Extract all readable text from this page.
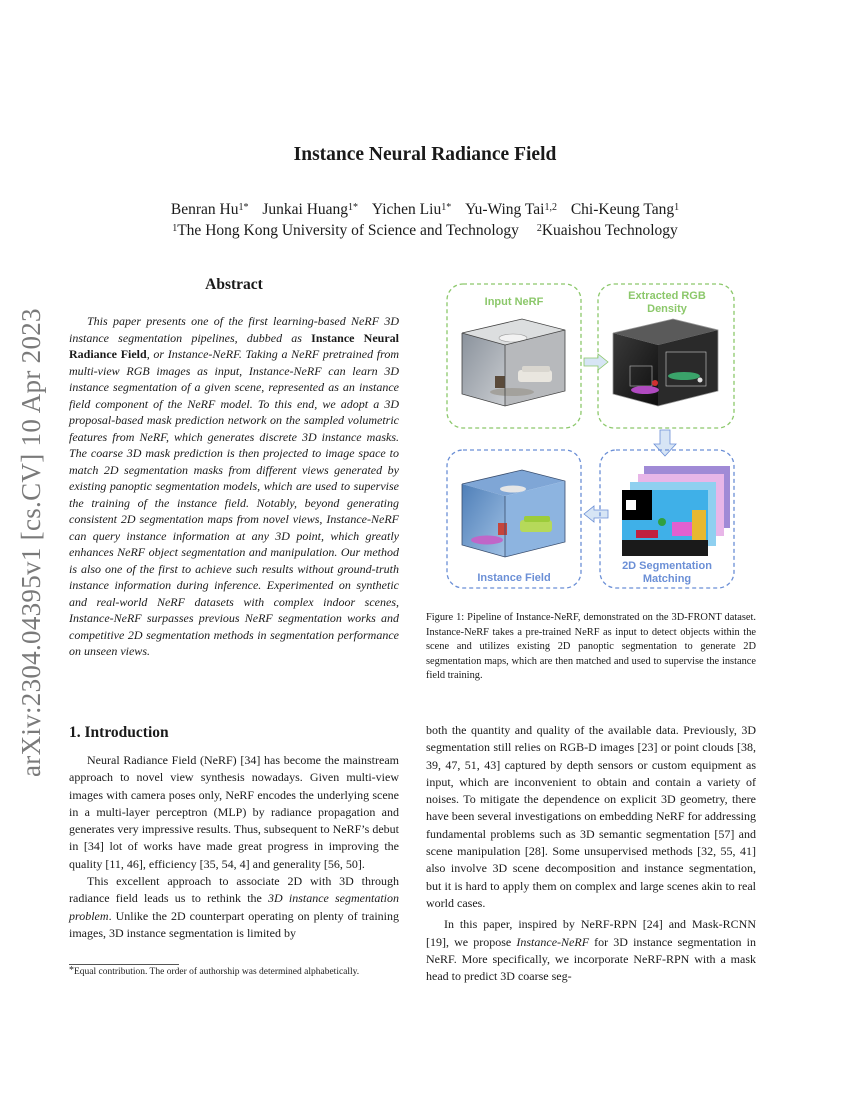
arXiv:2304.04395v1 [cs.CV] 10 Apr 2023
Instance Neural Radiance Field
Benran $Hu^{1*}$ Junkai Huang$^{1*}$ Yichen Liu$^{1*}$ Yu-Wing Tai$^{1,2}$ Chi-Keung Tang$^1$
$^1$The Hong Kong University of Science and Technology $^2$Kuaishou Technology
Abstract

This paper presents one of the first learning-based NeRF 3D instance segmentation pipelines, dubbed as Instance Neural Radiance Field, or Instance-NeRF. Taking a NeRF pretrained from multi-view RGB images as input, Instance-NeRF can learn 3D instance segmentation of a given scene, represented as an instance field component of the NeRF model. To this end, we adopt a 3D proposal-based mask prediction network on the sampled volumetric features from NeRF, which generates discrete 3D instance masks. The coarse 3D mask prediction is then projected to image space to match 2D segmentation masks from different views generated by existing panoptic segmentation models, which are used to supervise the training of the instance field. Notably, beyond generating consistent 2D segmentation maps from novel views, Instance-NeRF can query instance information at any 3D point, which greatly enhances NeRF object segmentation and manipulation. Our method is also one of the first to achieve such results without ground-truth instance information during inference. Experimented on synthetic and real-world NeRF datasets with complex indoor scenes, Instance-NeRF surpasses previous NeRF segmentation works and competitive 2D segmentation methods in segmentation performance on unseen views.

Input NeRF	Extracted RGB
Density
Instance Field
2D Segmentation
Matching
Figure 1: Pipeline of Instance-NeRF, demonstrated on the 3D-FRONT dataset. Instance-NeRF takes a pre-trained NeRF as input to detect objects within the scene and utilizes existing 2D panoptic segmentation to generate 2D segmentation maps, which are then matched and used to supervise the instance field training.
1. Introduction

Neural Radiance Field (NeRF) [34] has become the mainstream approach to novel view synthesis nowadays. Given multi-view images with camera poses only, NeRF encodes the underlying scene in a multi-layer perceptron (MLP) by radiance propagation and generates very impressive results. Thus, subsequent to NeRF’s debut in [34] lot of works have made great progress in improving the quality [11, 46], efficiency [35, 54, 4] and generality [56, 50].

This excellent approach to associate 2D with 3D through radiance field leads us to rethink the 3D instance segmentation problem. Unlike the 2D counterpart operating on plenty of training images, 3D instance segmentation is limited by

*Equal contribution. The order of authorship was determined alphabetically.

both the quantity and quality of the available data. Previously, 3D segmentation still relies on RGB-D images [23] or point clouds [38, 39, 47, 51, 43] captured by depth sensors or custom equipment as input, which are inconvenient to obtain and contain a variety of noises. To mitigate the dependence on explicit 3D geometry, there have been several investigations on embedding NeRF for addressing fundamental problems such as 3D semantic segmentation [57] and scene manipulation [28]. Some unsupervised methods [32, 55, 41] also involve 3D scene decomposition and instance segmentation, but it is hard to apply them on complex and large scenes akin to real world cases.

In this paper, inspired by NeRF-RPN [24] and Mask-RCNN [19], we propose Instance-NeRF for 3D instance segmentation in NeRF. More specifically, we incorporate NeRF-RPN with a mask head to predict 3D coarse seg-
